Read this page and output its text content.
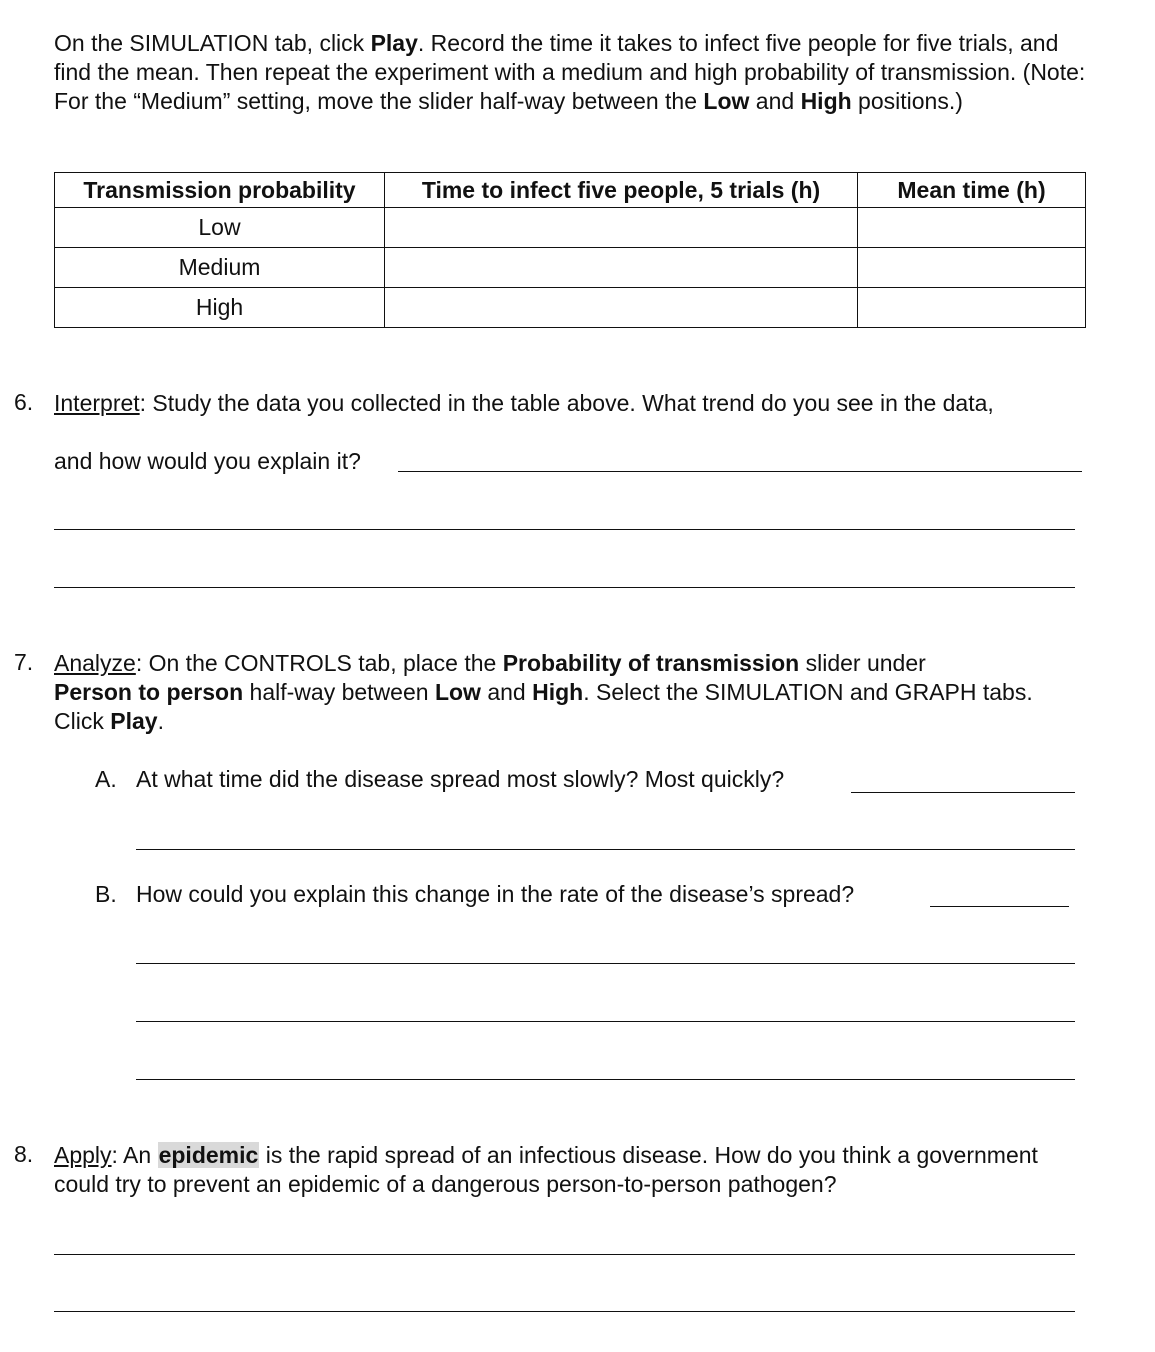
On the SIMULATION tab, click Play. Record the time it takes to infect five people for five trials, and find the mean. Then repeat the experiment with a medium and high probability of transmission. (Note: For the “Medium” setting, move the slider half-way between the Low and High positions.)
Transmission probability	Time to infect five people, 5 trials (h)	Mean time (h)
Low		
Medium		
High		
6. Interpret: Study the data you collected in the table above. What trend do you see in the data,
and how would you explain it?
7. Analyze: On the CONTROLS tab, place the Probability of transmission slider under
Person to person half-way between Low and High. Select the SIMULATION and GRAPH tabs. Click Play.
A. At what time did the disease spread most slowly? Most quickly?
B. How could you explain this change in the rate of the disease’s spread?
8. Apply: An epidemic is the rapid spread of an infectious disease. How do you think a government could try to prevent an epidemic of a dangerous person-to-person pathogen?
